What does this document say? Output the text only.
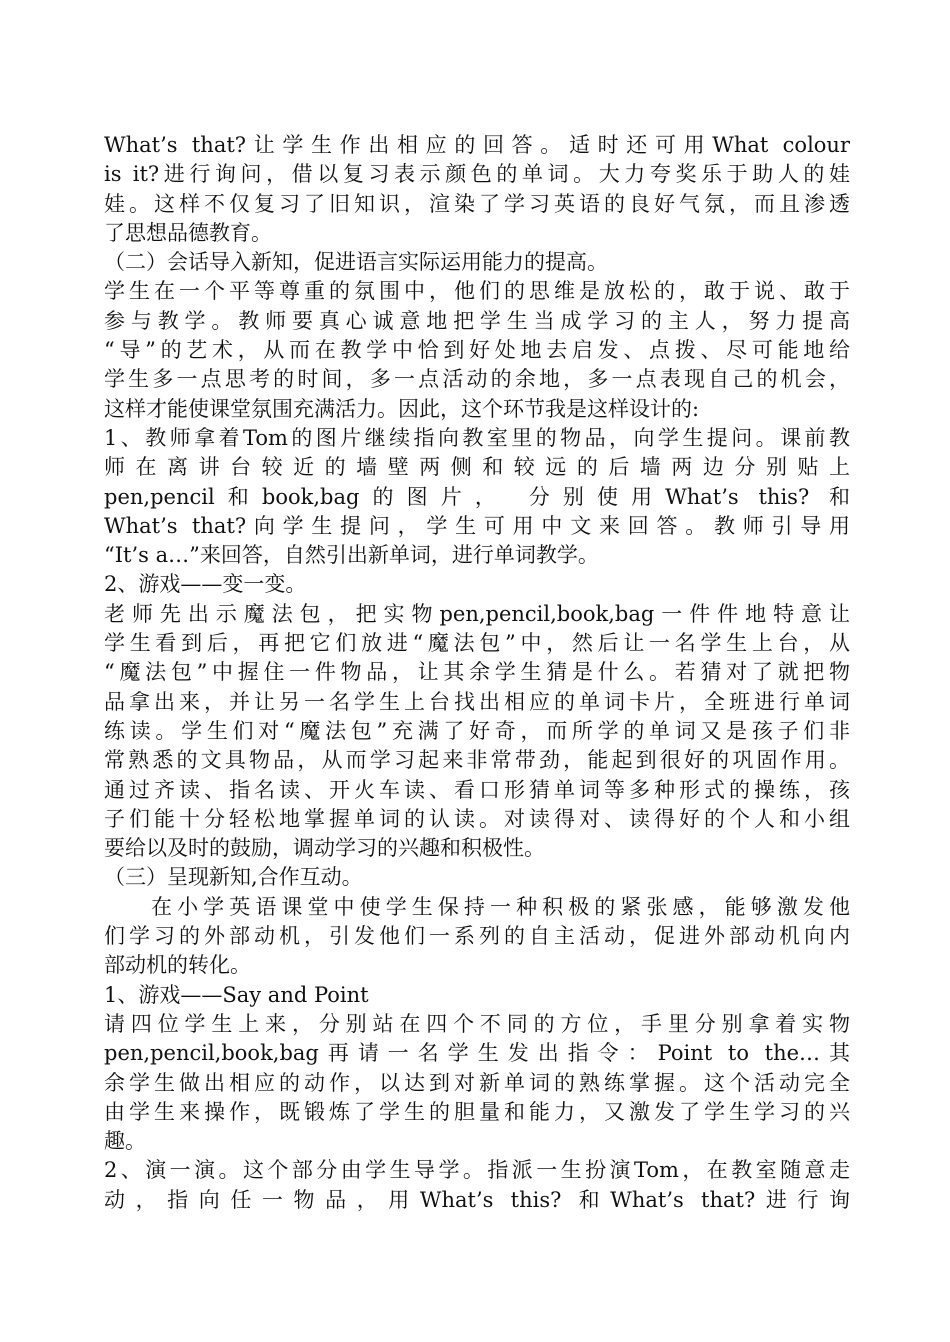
What’s that?让学生作出相应的回答。适时还可用What colour
is it?进行询问，借以复习表示颜色的单词。大力夸奖乐于助人的娃
娃。这样不仅复习了旧知识，渲染了学习英语的良好气氛，而且渗透
了思想品德教育。
（二）会话导入新知，促进语言实际运用能力的提高。
学生在一个平等尊重的氛围中，他们的思维是放松的，敢于说、敢于
参与教学。教师要真心诚意地把学生当成学习的主人，努力提高
“导”的艺术，从而在教学中恰到好处地去启发、点拨、尽可能地给
学生多一点思考的时间，多一点活动的余地，多一点表现自己的机会，
这样才能使课堂氛围充满活力。因此，这个环节我是这样设计的:
1、教师拿着Tom的图片继续指向教室里的物品，向学生提问。课前教
师在离讲台较近的墙壁两侧和较远的后墙两边分别贴上
pen,pencil和book,bag的图片， 分别使用What’s this? 和
What’s that?向学生提问，学生可用中文来回答。教师引导用
“It’s a…”来回答，自然引出新单词，进行单词教学。
2、游戏——变一变。
老师先出示魔法包，把实物pen,pencil,book,bag一件件地特意让
学生看到后，再把它们放进“魔法包”中，然后让一名学生上台，从
“魔法包”中握住一件物品，让其余学生猜是什么。若猜对了就把物
品拿出来，并让另一名学生上台找出相应的单词卡片，全班进行单词
练读。学生们对“魔法包”充满了好奇，而所学的单词又是孩子们非
常熟悉的文具物品，从而学习起来非常带劲，能起到很好的巩固作用。
通过齐读、指名读、开火车读、看口形猜单词等多种形式的操练，孩
子们能十分轻松地掌握单词的认读。对读得对、读得好的个人和小组
要给以及时的鼓励，调动学习的兴趣和积极性。
（三）呈现新知,合作互动。
在小学英语课堂中使学生保持一种积极的紧张感，能够激发他
们学习的外部动机，引发他们一系列的自主活动，促进外部动机向内
部动机的转化。
1、游戏——Say and Point
请四位学生上来，分别站在四个不同的方位，手里分别拿着实物
pen,pencil,book,bag再请一名学生发出指令：Point to the…其
余学生做出相应的动作，以达到对新单词的熟练掌握。这个活动完全
由学生来操作，既锻炼了学生的胆量和能力，又激发了学生学习的兴
趣。
2、演一演。这个部分由学生导学。指派一生扮演Tom，在教室随意走
动，指向任一物品，用What’s this? 和What’s that?进行询
